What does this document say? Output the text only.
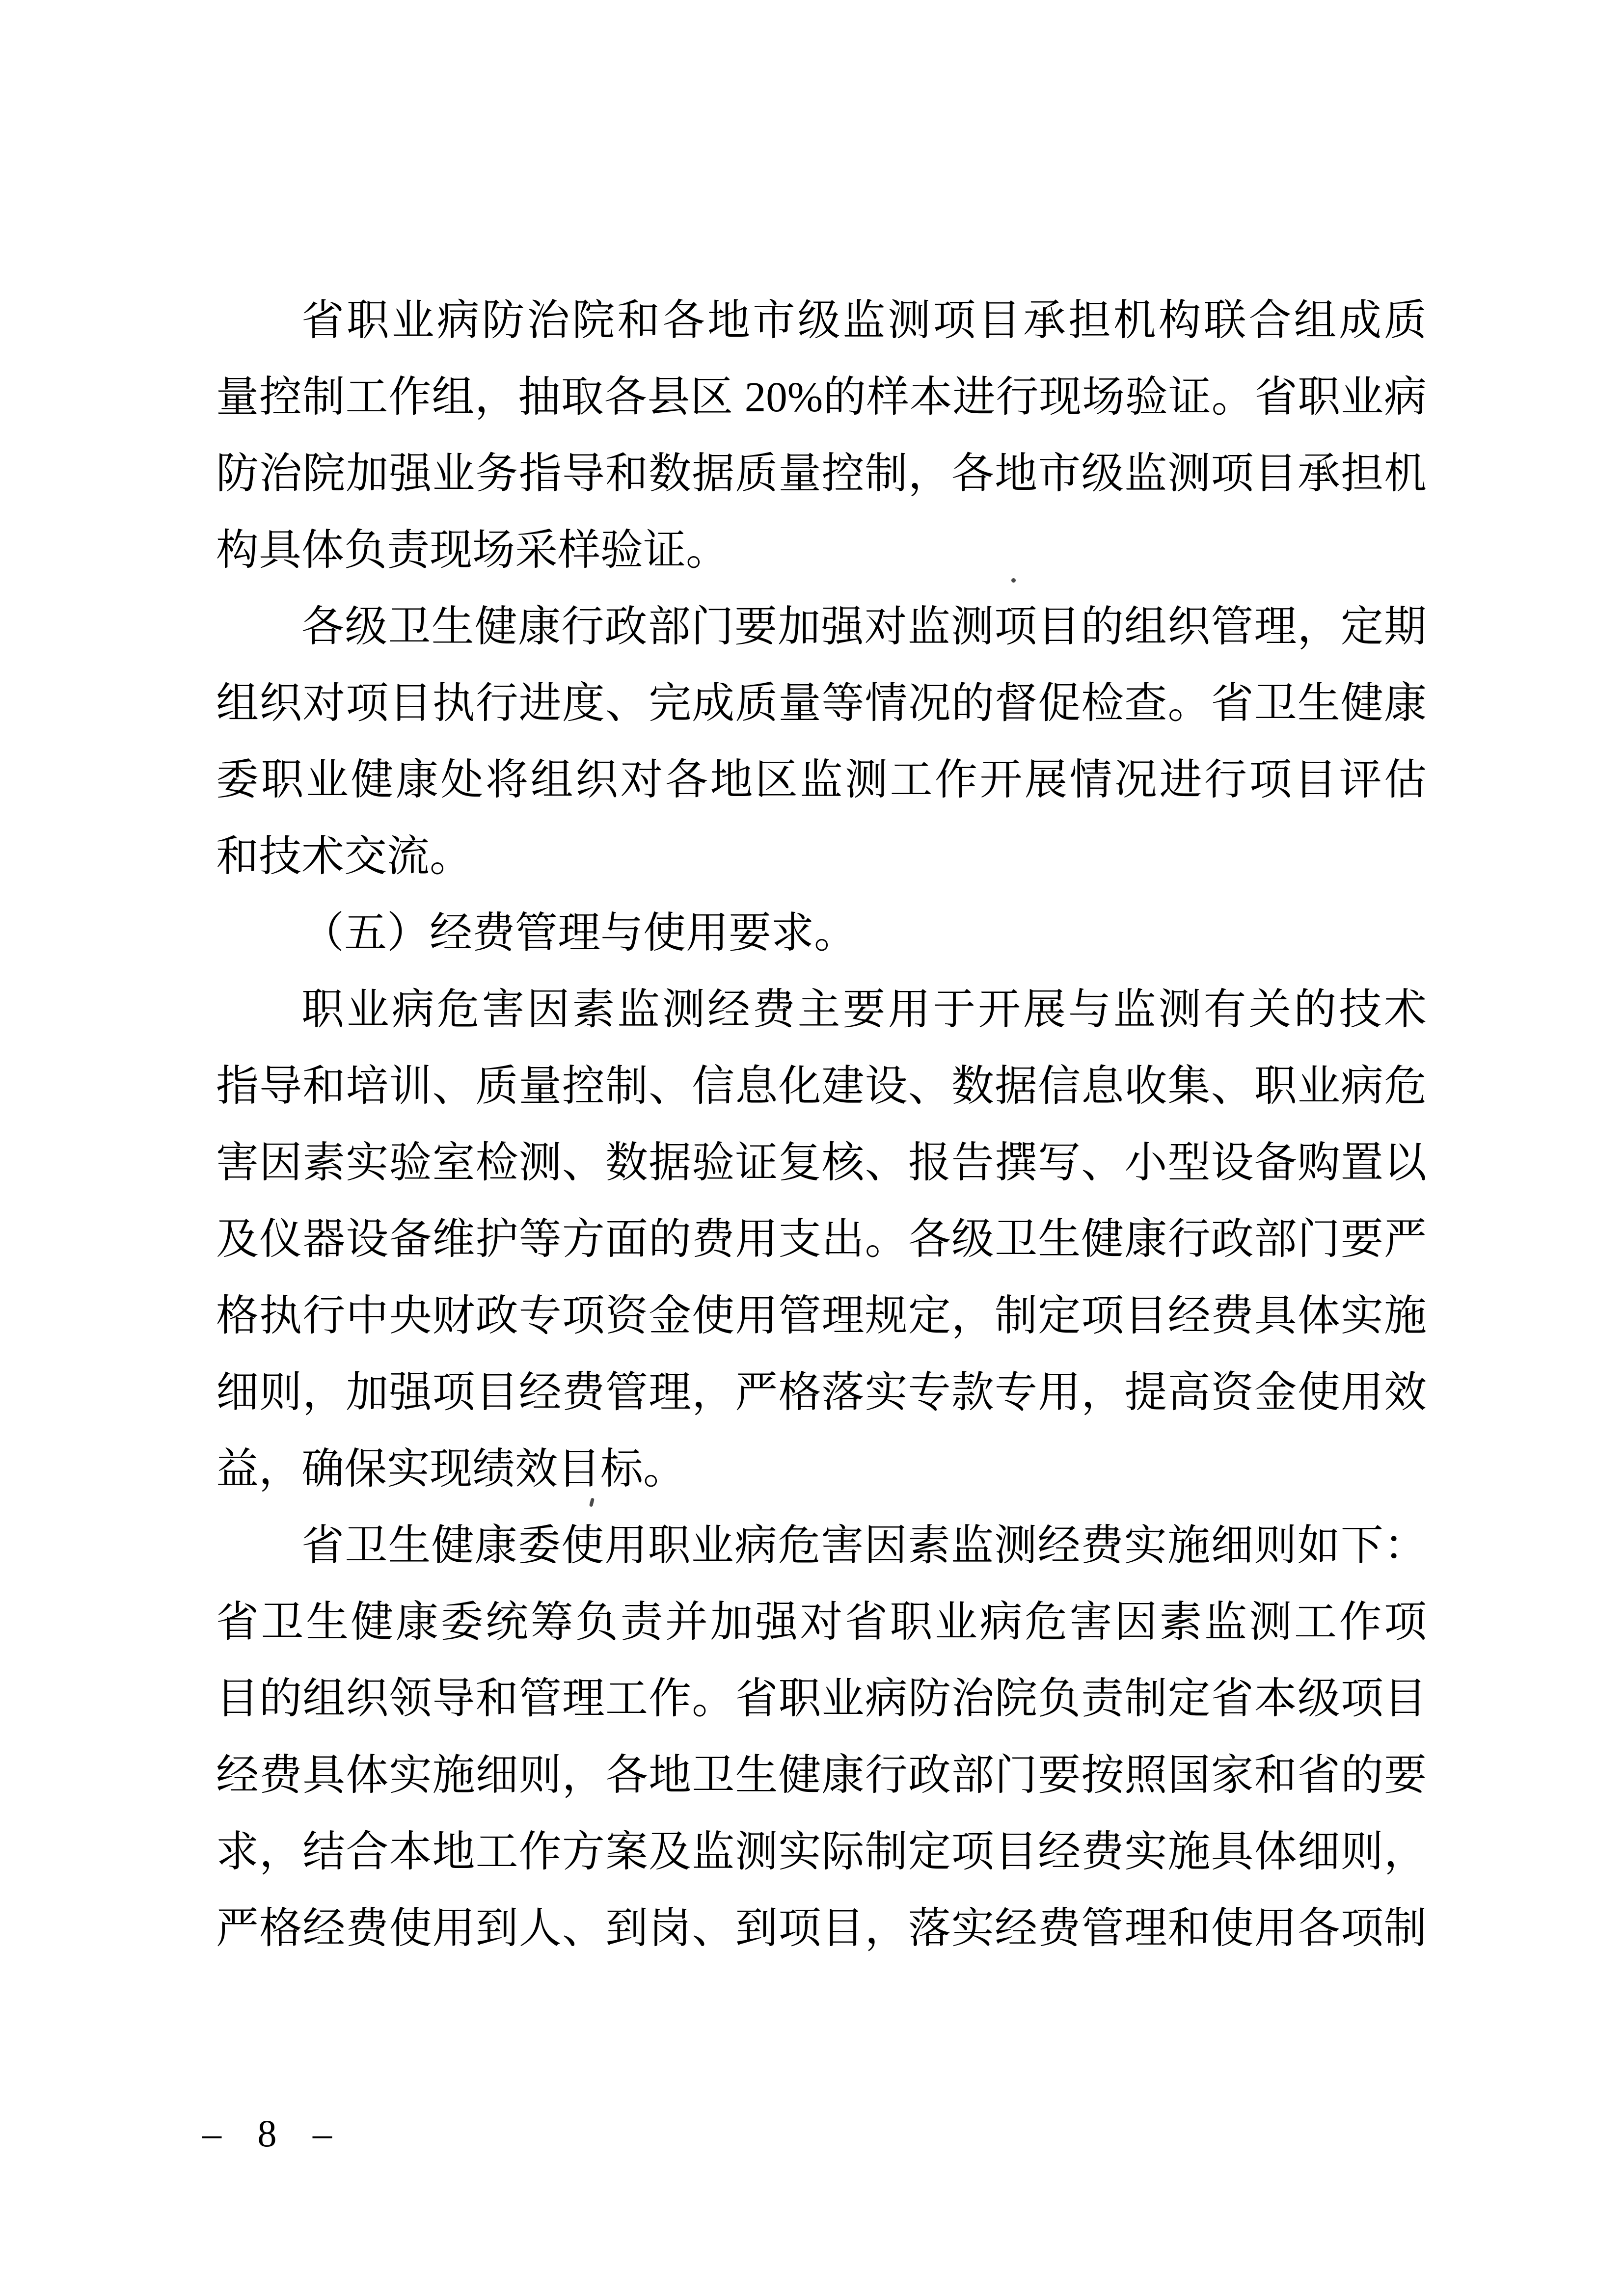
省职业病防治院和各地市级监测项目承担机构联合组成质

量控制工作组，抽取各县区 20%的样本进行现场验证。省职业病

防治院加强业务指导和数据质量控制，各地市级监测项目承担机

构具体负责现场采样验证。

各级卫生健康行政部门要加强对监测项目的组织管理，定期

组织对项目执行进度、完成质量等情况的督促检查。省卫生健康

委职业健康处将组织对各地区监测工作开展情况进行项目评估

和技术交流。

（五）经费管理与使用要求。

职业病危害因素监测经费主要用于开展与监测有关的技术

指导和培训、质量控制、信息化建设、数据信息收集、职业病危

害因素实验室检测、数据验证复核、报告撰写、小型设备购置以

及仪器设备维护等方面的费用支出。各级卫生健康行政部门要严

格执行中央财政专项资金使用管理规定，制定项目经费具体实施

细则，加强项目经费管理，严格落实专款专用，提高资金使用效

益，确保实现绩效目标。

省卫生健康委使用职业病危害因素监测经费实施细则如下：

省卫生健康委统筹负责并加强对省职业病危害因素监测工作项

目的组织领导和管理工作。省职业病防治院负责制定省本级项目

经费具体实施细则，各地卫生健康行政部门要按照国家和省的要

求，结合本地工作方案及监测实际制定项目经费实施具体细则，

严格经费使用到人、到岗、到项目，落实经费管理和使用各项制

– 8 –
